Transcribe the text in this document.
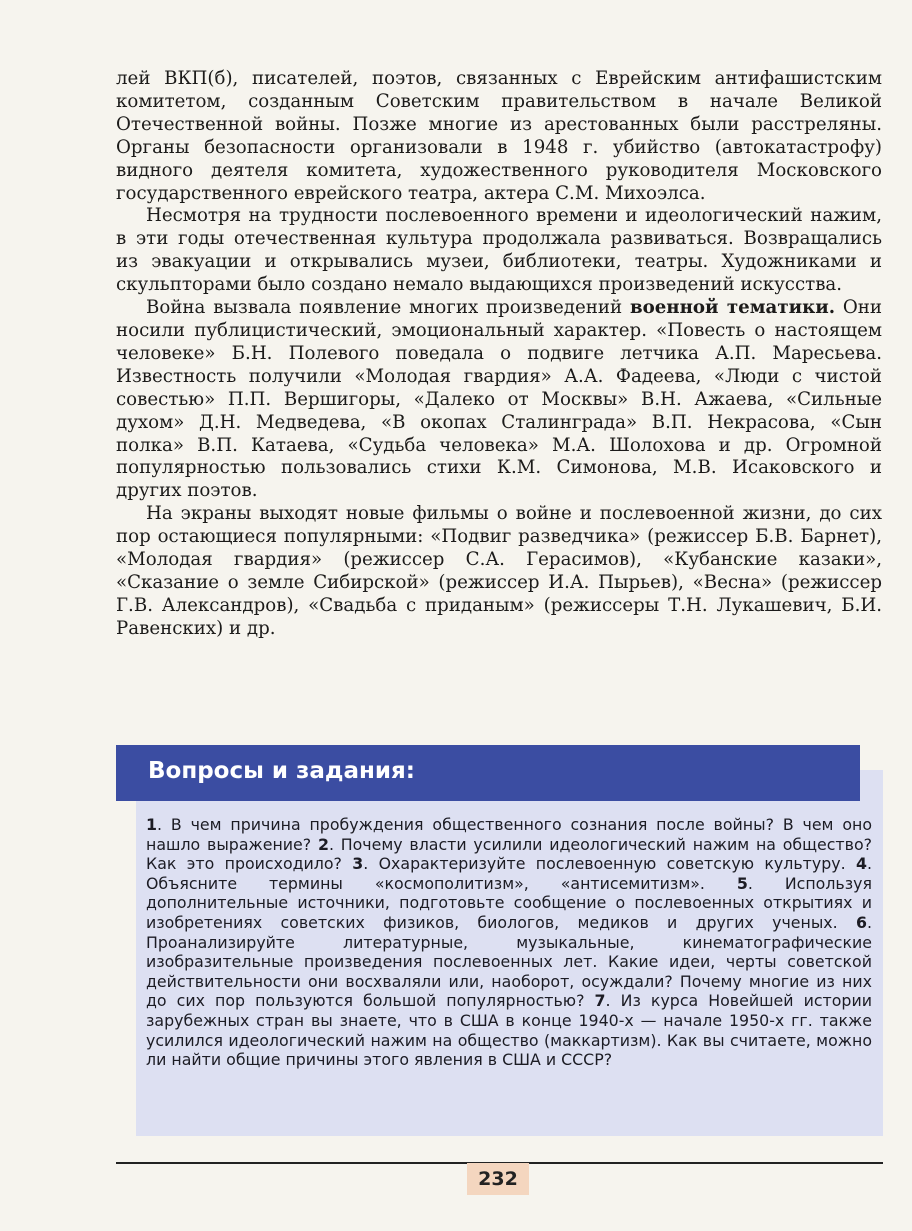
лей ВКП(б), писателей, поэтов, связанных с Еврейским антифашистским комитетом, созданным Советским правительством в начале Великой Отечественной войны. Позже многие из арестованных были расстреляны. Органы безопасности организовали в 1948 г. убийство (автокатастрофу) видного деятеля комитета, художественного руководителя Московского государственного еврейского театра, актера С.М. Михоэлса.

Несмотря на трудности послевоенного времени и идеологический нажим, в эти годы отечественная культура продолжала развиваться. Возвращались из эвакуации и открывались музеи, библиотеки, театры. Художниками и скульпторами было создано немало выдающихся произведений искусства.

Война вызвала появление многих произведений военной тематики. Они носили публицистический, эмоциональный характер. «Повесть о настоящем человеке» Б.Н. Полевого поведала о подвиге летчика А.П. Маресьева. Известность получили «Молодая гвардия» А.А. Фадеева, «Люди с чистой совестью» П.П. Вершигоры, «Далеко от Москвы» В.Н. Ажаева, «Сильные духом» Д.Н. Медведева, «В окопах Сталинграда» В.П. Некрасова, «Сын полка» В.П. Катаева, «Судьба человека» М.А. Шолохова и др. Огромной популярностью пользовались стихи К.М. Симонова, М.В. Исаковского и других поэтов.

На экраны выходят новые фильмы о войне и послевоенной жизни, до сих пор остающиеся популярными: «Подвиг разведчика» (режиссер Б.В. Барнет), «Молодая гвардия» (режиссер С.А. Герасимов), «Кубанские казаки», «Сказание о земле Сибирской» (режиссер И.А. Пырьев), «Весна» (режиссер Г.В. Александров), «Свадьба с приданым» (режиссеры Т.Н. Лукашевич, Б.И. Равенских) и др.

Вопросы и задания:
1. В чем причина пробуждения общественного сознания после войны? В чем оно нашло выражение? 2. Почему власти усилили идеологический нажим на общество? Как это происходило? 3. Охарактеризуйте послевоенную советскую культуру. 4. Объясните термины «космополитизм», «антисемитизм». 5. Используя дополнительные источники, подготовьте сообщение о послевоенных открытиях и изобретениях советских физиков, биологов, медиков и других ученых. 6. Проанализируйте литературные, музыкальные, кинематографические изобразительные произведения послевоенных лет. Какие идеи, черты советской действительности они восхваляли или, наоборот, осуждали? Почему многие из них до сих пор пользуются большой популярностью? 7. Из курса Новейшей истории зарубежных стран вы знаете, что в США в конце 1940-х — начале 1950-х гг. также усилился идеологический нажим на общество (маккартизм). Как вы считаете, можно ли найти общие причины этого явления в США и СССР?
232
